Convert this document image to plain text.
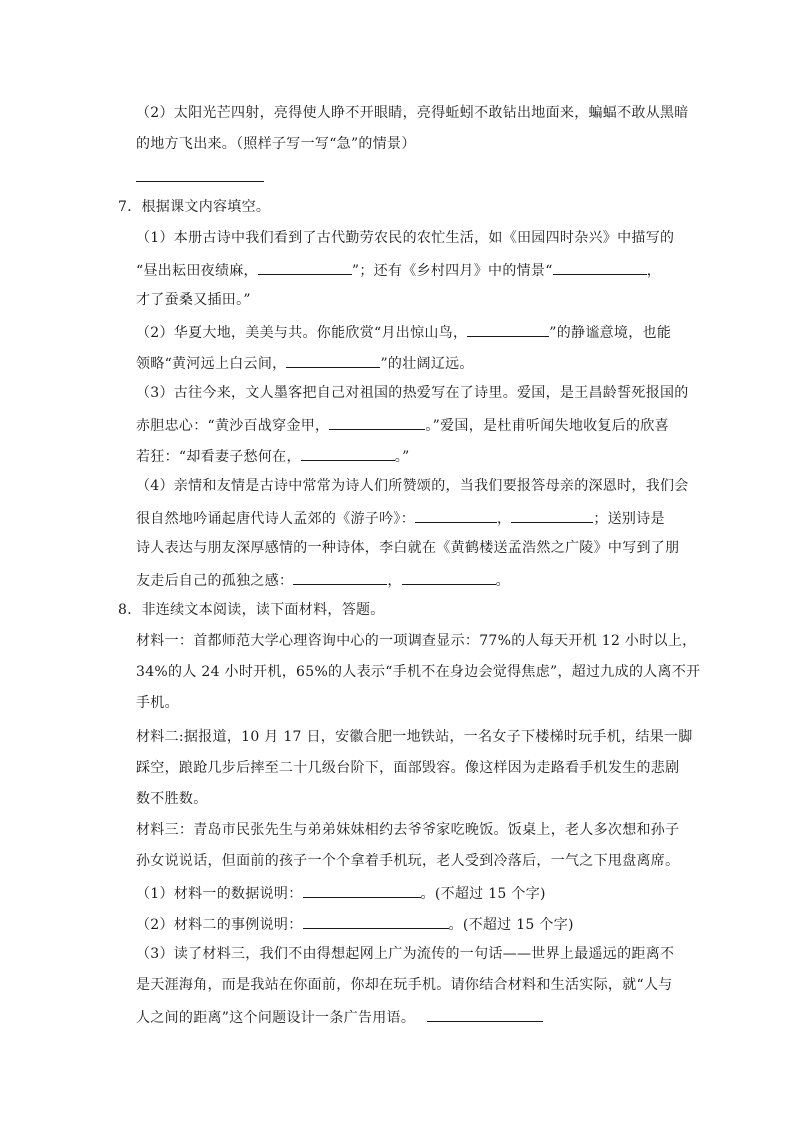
（2）太阳光芒四射，亮得使人睁不开眼睛，亮得蚯蚓不敢钻出地面来，蝙蝠不敢从黑暗
的地方飞出来。（照样子写一写“急”的情景）
7．根据课文内容填空。
（1）本册古诗中我们看到了古代勤劳农民的农忙生活，如《田园四时杂兴》中描写的
“昼出耘田夜绩麻，	”；还有《乡村四月》中的情景“	，
才了蚕桑又插田。”
（2）华夏大地，美美与共。你能欣赏“月出惊山鸟，	”的静谧意境，也能
领略“黄河远上白云间，	”的壮阔辽远。
（3）古往今来，文人墨客把自己对祖国的热爱写在了诗里。爱国，是王昌龄誓死报国的
赤胆忠心：“黄沙百战穿金甲，	。”爱国，是杜甫听闻失地收复后的欣喜
若狂：“却看妻子愁何在，	。”
（4）亲情和友情是古诗中常常为诗人们所赞颂的，当我们要报答母亲的深恩时，我们会
很自然地吟诵起唐代诗人孟郊的《游子吟》：	，	；送别诗是
诗人表达与朋友深厚感情的一种诗体，李白就在《黄鹤楼送孟浩然之广陵》中写到了朋
友走后自己的孤独之感：	，	。
8．非连续文本阅读，读下面材料，答题。
材料一：首都师范大学心理咨询中心的一项调查显示：77%的人每天开机 12 小时以上，
34%的人 24 小时开机，65%的人表示“手机不在身边会觉得焦虑”，超过九成的人离不开
手机。
材料二:据报道，10 月 17 日，安徽合肥一地铁站，一名女子下楼梯时玩手机，结果一脚
踩空，踉跄几步后摔至二十几级台阶下，面部毁容。像这样因为走路看手机发生的悲剧
数不胜数。
材料三：青岛市民张先生与弟弟妹妹相约去爷爷家吃晚饭。饭桌上，老人多次想和孙子
孙女说说话，但面前的孩子一个个拿着手机玩，老人受到冷落后，一气之下甩盘离席。
（1）材料一的数据说明：	。(不超过 15 个字)
（2）材料二的事例说明：	。(不超过 15 个字)
（3）读了材料三，我们不由得想起网上广为流传的一句话——世界上最遥远的距离不
是天涯海角，而是我站在你面前，你却在玩手机。请你结合材料和生活实际，就“人与
人之间的距离”这个问题设计一条广告用语。
